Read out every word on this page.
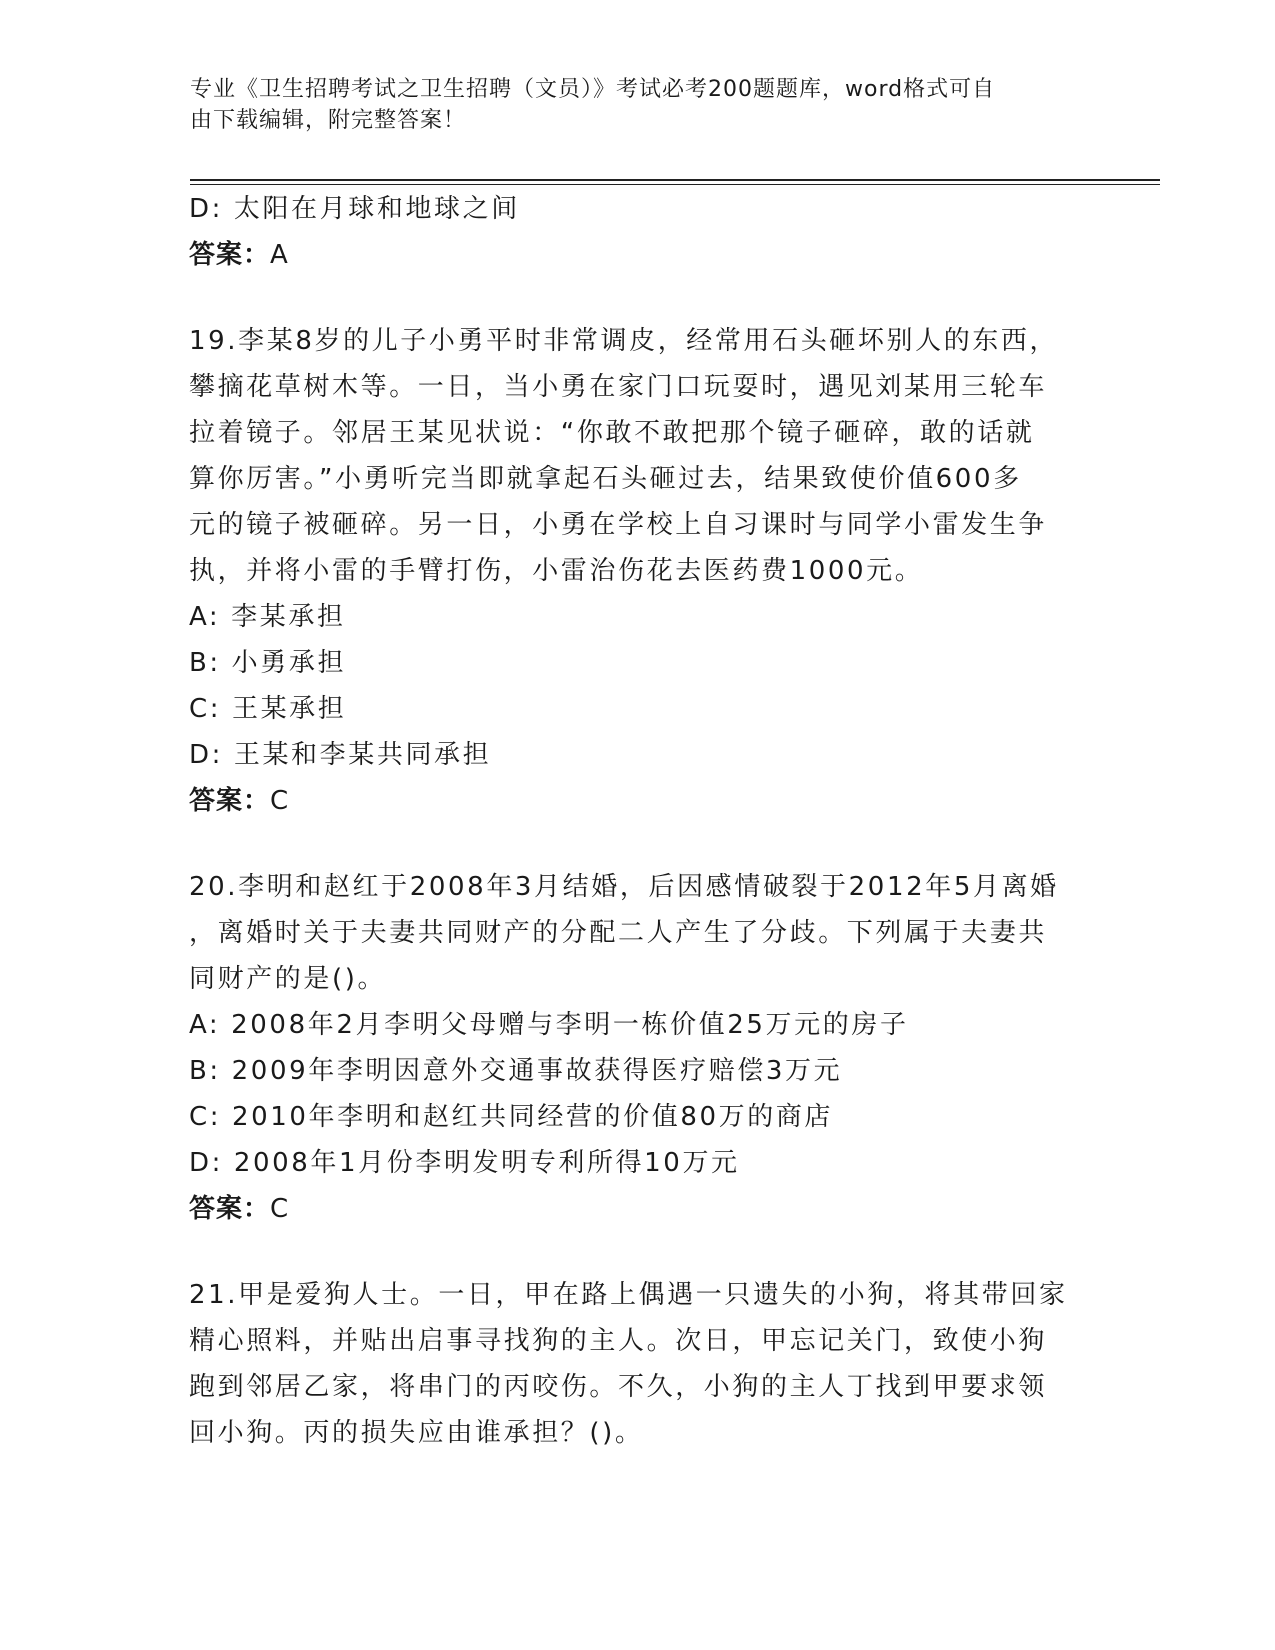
专业《卫生招聘考试之卫生招聘（文员）》考试必考200题题库，word格式可自
由下载编辑，附完整答案！
D: 太阳在月球和地球之间
答案：A
19.李某8岁的儿子小勇平时非常调皮，经常用石头砸坏别人的东西，
攀摘花草树木等。一日，当小勇在家门口玩耍时，遇见刘某用三轮车
拉着镜子。邻居王某见状说：“你敢不敢把那个镜子砸碎，敢的话就
算你厉害。”小勇听完当即就拿起石头砸过去，结果致使价值600多
元的镜子被砸碎。另一日，小勇在学校上自习课时与同学小雷发生争
执，并将小雷的手臂打伤，小雷治伤花去医药费1000元。
A: 李某承担
B: 小勇承担
C: 王某承担
D: 王某和李某共同承担
答案：C
20.李明和赵红于2008年3月结婚，后因感情破裂于2012年5月离婚
，离婚时关于夫妻共同财产的分配二人产生了分歧。下列属于夫妻共
同财产的是()。
A: 2008年2月李明父母赠与李明一栋价值25万元的房子
B: 2009年李明因意外交通事故获得医疗赔偿3万元
C: 2010年李明和赵红共同经营的价值80万的商店
D: 2008年1月份李明发明专利所得10万元
答案：C
21.甲是爱狗人士。一日，甲在路上偶遇一只遗失的小狗，将其带回家
精心照料，并贴出启事寻找狗的主人。次日，甲忘记关门，致使小狗
跑到邻居乙家，将串门的丙咬伤。不久，小狗的主人丁找到甲要求领
回小狗。丙的损失应由谁承担？()。
